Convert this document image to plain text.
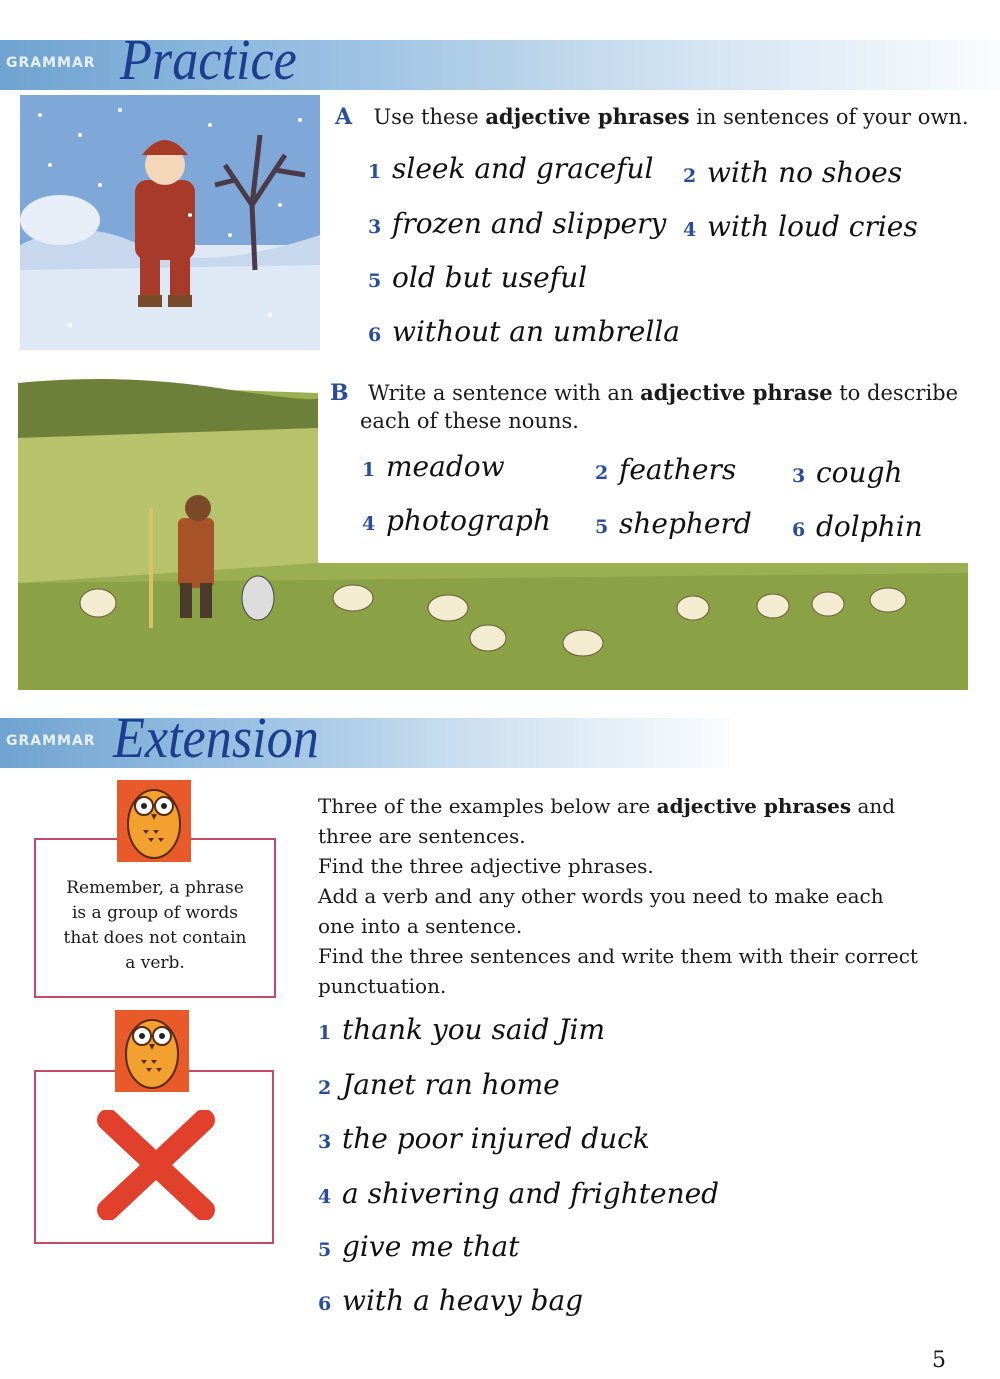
GRAMMAR Practice
A Use these adjective phrases in sentences of your own.
1 sleek and graceful 2 with no shoes
3 frozen and slippery 4 with loud cries
5 old but useful
6 without an umbrella
B Write a sentence with an adjective phrase to describe
each of these nouns.
1 meadow	2 feathers	3 cough
4 photograph 5 shepherd 6 dolphin
GRAMMAR Extension
Remember, a phrase
is a group of words
that does not contain
a verb.
Three of the examples below are adjective phrases and
three are sentences.
Find the three adjective phrases.
Add a verb and any other words you need to make each
one into a sentence.
Find the three sentences and write them with their correct
punctuation.
1 thank you said Jim
2 Janet ran home
3 the poor injured duck
4 a shivering and frightened
5 give me that
6 with a heavy bag
5
